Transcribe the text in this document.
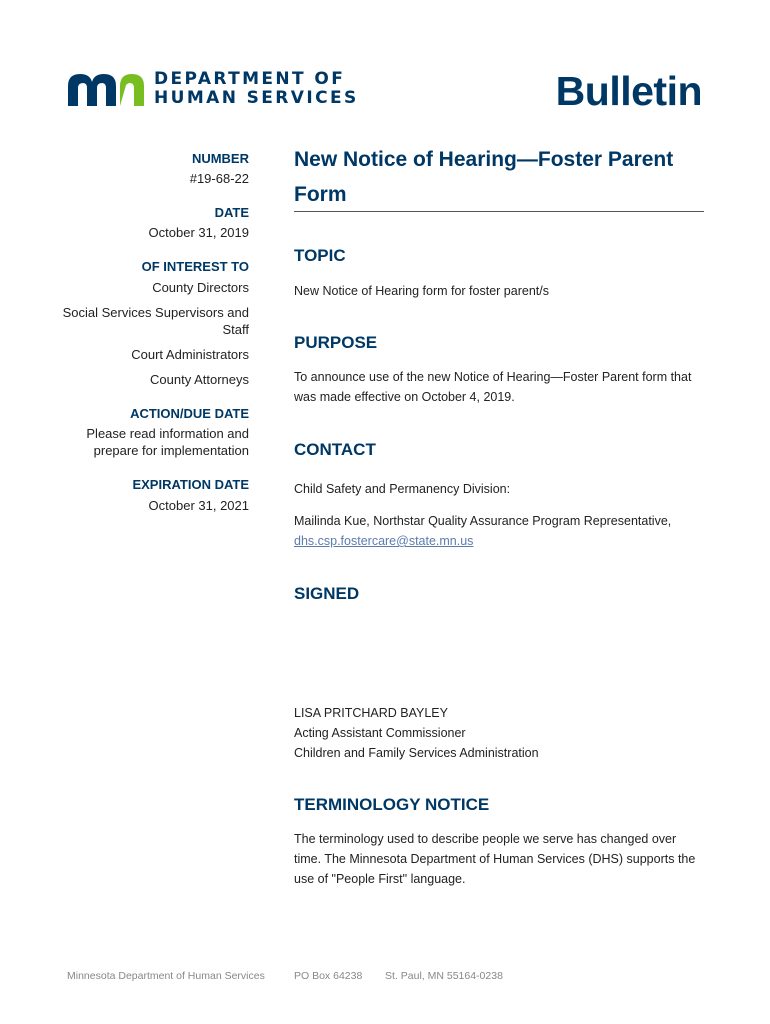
DEPARTMENT OF
HUMAN SERVICES	Bulletin
NUMBER
#19-68-22
DATE
October 31, 2019
OF INTEREST TO
County Directors
Social Services Supervisors and Staff
Court Administrators
County Attorneys
ACTION/DUE DATE
Please read information and prepare for implementation
EXPIRATION DATE
October 31, 2021
New Notice of Hearing—Foster Parent Form
TOPIC
New Notice of Hearing form for foster parent/s
PURPOSE
To announce use of the new Notice of Hearing—Foster Parent form that was made effective on October 4, 2019.
CONTACT
Child Safety and Permanency Division:
Mailinda Kue, Northstar Quality Assurance Program Representative,
dhs.csp.fostercare@state.mn.us
SIGNED
LISA PRITCHARD BAYLEY
Acting Assistant Commissioner
Children and Family Services Administration
TERMINOLOGY NOTICE
The terminology used to describe people we serve has changed over time. The Minnesota Department of Human Services (DHS) supports the use of "People First" language.
Minnesota Department of Human Services	PO Box 64238 St. Paul, MN 55164-0238
